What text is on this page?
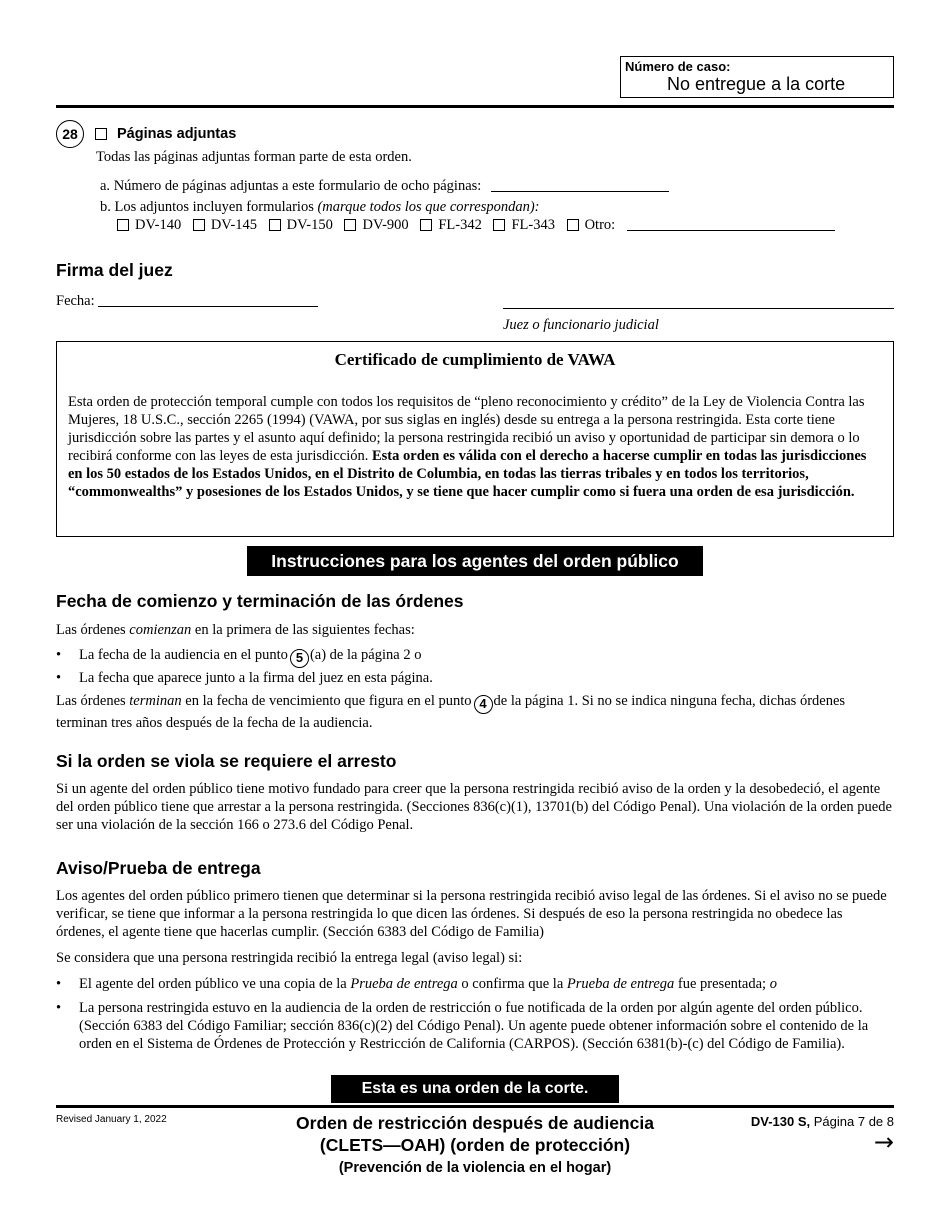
Número de caso:
No entregue a la corte
28	Páginas adjuntas
Todas las páginas adjuntas forman parte de esta orden.
a. Número de páginas adjuntas a este formulario de ocho páginas:
b. Los adjuntos incluyen formularios (marque todos los que correspondan):
DV-140 DV-145 DV-150 DV-900 FL-342 FL-343 Otro:
Firma del juez
Fecha:
Juez o funcionario judicial
Certificado de cumplimiento de VAWA
Esta orden de protección temporal cumple con todos los requisitos de “pleno reconocimiento y crédito” de la Ley de Violencia Contra las Mujeres, 18 U.S.C., sección 2265 (1994) (VAWA, por sus siglas en inglés) desde su entrega a la persona restringida. Esta corte tiene jurisdicción sobre las partes y el asunto aquí definido; la persona restringida recibió un aviso y oportunidad de participar sin demora o lo recibirá conforme con las leyes de esta jurisdicción. Esta orden es válida con el derecho a hacerse cumplir en todas las jurisdicciones en los 50 estados de los Estados Unidos, en el Distrito de Columbia, en todas las tierras tribales y en todos los territorios, “commonwealths” y posesiones de los Estados Unidos, y se tiene que hacer cumplir como si fuera una orden de esa jurisdicción.
Instrucciones para los agentes del orden público
Fecha de comienzo y terminación de las órdenes
Las órdenes comienzan en la primera de las siguientes fechas:
• La fecha de la audiencia en el punto 5 (a) de la página 2 o
• La fecha que aparece junto a la firma del juez en esta página.
Las órdenes terminan en la fecha de vencimiento que figura en el punto 4 de la página 1. Si no se indica ninguna fecha, dichas órdenes terminan tres años después de la fecha de la audiencia.
Si la orden se viola se requiere el arresto
Si un agente del orden público tiene motivo fundado para creer que la persona restringida recibió aviso de la orden y la desobedeció, el agente del orden público tiene que arrestar a la persona restringida. (Secciones 836(c)(1), 13701(b) del Código Penal). Una violación de la orden puede ser una violación de la sección 166 o 273.6 del Código Penal.
Aviso/Prueba de entrega
Los agentes del orden público primero tienen que determinar si la persona restringida recibió aviso legal de las órdenes. Si el aviso no se puede verificar, se tiene que informar a la persona restringida lo que dicen las órdenes. Si después de eso la persona restringida no obedece las órdenes, el agente tiene que hacerlas cumplir. (Sección 6383 del Código de Familia)
Se considera que una persona restringida recibió la entrega legal (aviso legal) si:
• El agente del orden público ve una copia de la Prueba de entrega o confirma que la Prueba de entrega fue presentada; o
• La persona restringida estuvo en la audiencia de la orden de restricción o fue notificada de la orden por algún agente del orden público. (Sección 6383 del Código Familiar; sección 836(c)(2) del Código Penal). Un agente puede obtener información sobre el contenido de la orden en el Sistema de Órdenes de Protección y Restricción de California (CARPOS). (Sección 6381(b)-(c) del Código de Familia).
Esta es una orden de la corte.
Revised January 1, 2022	Orden de restricción después de audiencia
(CLETS—OAH) (orden de protección)
(Prevención de la violencia en el hogar)
DV-130 S, Página 7 de 8
→
